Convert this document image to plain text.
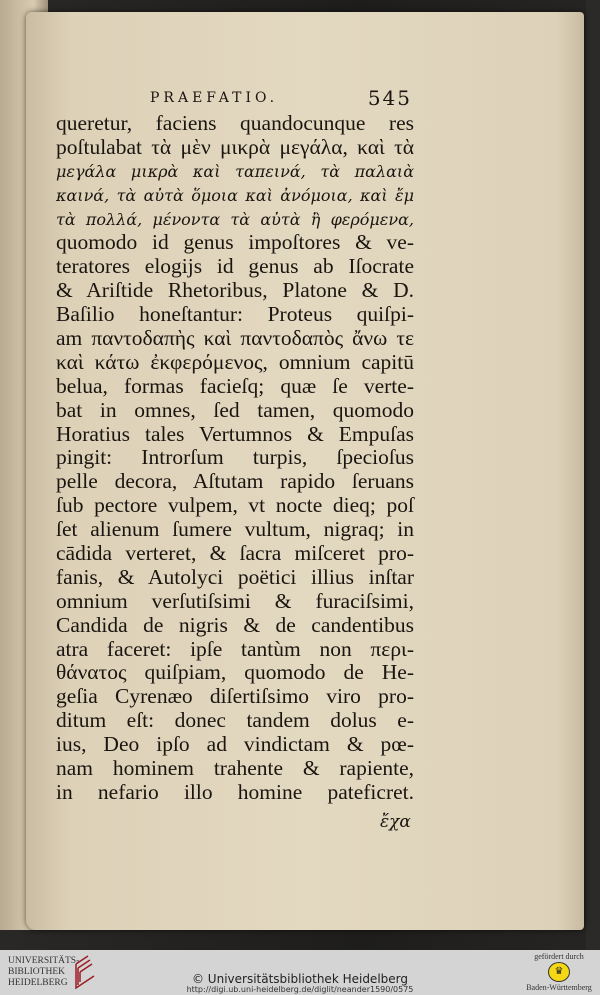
PRAEFATIO.	545
queretur, faciens quandocunque res
poſtulabat τὰ μὲν μικρὰ μεγάλα, καὶ τὰ
μεγάλα μικρὰ καὶ ταπεινά, τὰ παλαιὰ
καινά, τὰ αὐτὰ ὅμοια καὶ ἀνόμοια, καὶ ἔμ
τὰ πολλά, μένοντα τὰ αὐτὰ ἢ φερόμενα,
quomodo id genus impoſtores & ve-
teratores elogijs id genus ab Iſocrate
& Ariſtide Rhetoribus, Platone & D.
Baſilio honeſtantur: Proteus quiſpi-
am παντοδαπὴς καὶ παντοδαπὸς ἄνω τε
καὶ κάτω ἐκφερόμενος, omnium capitū
belua, formas facieſq; quæ ſe verte-
bat in omnes, ſed tamen, quomodo
Horatius tales Vertumnos & Empuſas
pingit: Introrſum turpis, ſpecioſus
pelle decora, Aſtutam rapido ſeruans
ſub pectore vulpem, vt nocte dieq; poſ
ſet alienum ſumere vultum, nigraq; in
cādida verteret, & ſacra miſceret pro-
fanis, & Autolyci poëtici illius inſtar
omnium verſutiſsimi & furaciſsimi,
Candida de nigris & de candentibus
atra faceret: ipſe tantùm non περι-
θάνατος quiſpiam, quomodo de He-
geſia Cyrenæo diſertiſsimo viro pro-
ditum eſt: donec tandem dolus e-
ius, Deo ipſo ad vindictam & pœ-
nam hominem trahente & rapiente,
in nefario illo homine pateficret.
ἔχα
UNIVERSITÄTS-
BIBLIOTHEK
HEIDELBERG	© Universitätsbibliothek Heidelberg
http://digi.ub.uni-heidelberg.de/diglit/neander1590/0575
gefördert durch
♛
Baden-Württemberg
